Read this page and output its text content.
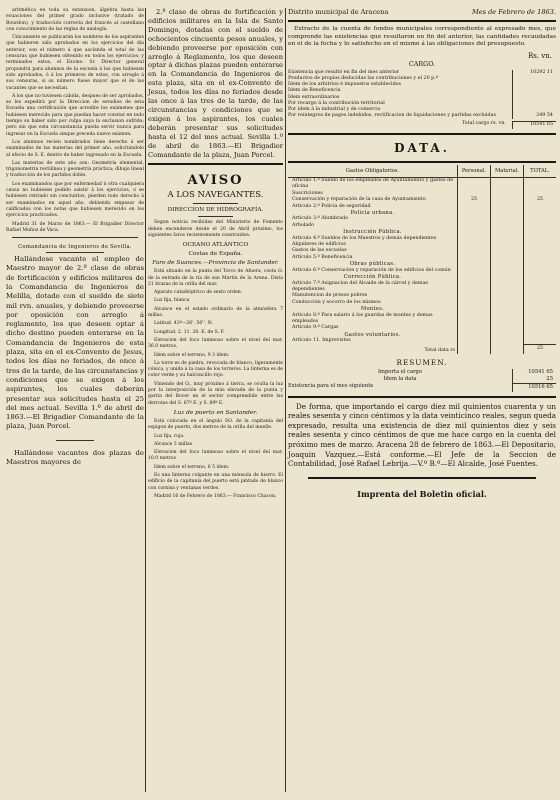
aritmética en toda su extension, álgebra hasta las ecuaciones del primer grado inclusive (tratado de Bourdon), y traducción correcta del francés al castellano con conocimiento de las reglas de analogía.

Únicamente se publicarán los nombres de los aspirantes que hubieren sido aprobados en los ejercicios del día anterior, con el número á que ascienda el total de las censuras que hubiesen obtenido en todos los ejercicios; y terminados estos, el Excmo. Sr. Director general propondrá para alumnos de la escuela á los que hubiesen sido aprobados, ó á los primeros de estos, con arreglo á sus censuras, si su número fuese mayor que el de las vacantes que se necesitan.

Á los que no tuviesen cabida, despues de ser aprobados, se les expedirá por la Direccion de estudios de esta Escuela una certificación que acredite los exámenes que hubiesen merecido para que puedan hacer constar en todo tiempo su haber sido por culpa suya la exclusion sufrida; pero sin que esta circunstancia pueda servir nunca para ingresar en la Escuela sinque preceda nuevo exámen.

Los alumnos recien nombrados tiene derecho á ser examinados de las materias del primer año, solicitándolo al efecto de S. E. dentro de haber ingresado en la Escuela.

Las materias de este año son: Geometría elemental, trigonometría rectilínea y geometría práctica; dibujo lineal y traducción de los partidos doble.

Los examinandos que por enfermedad ú otra cualquiera causa no hubiesen podido asistir á los ejercicios, ó se hubiesen retirado sin concluirlos, pierden todo derecho á ser examinados en aquel año, debiendo empezar de calificados con los notas que hubiesen merecido en los ejercicios practicados.

Madrid 31 de Marzo de 1863.— El Brigadier Director Rafael Muñoz de Vaca.

Comandancia de Ingenieros de Sevilla.

Hallándose vacante el empleo de Maestro mayor de 2.ª clase de obras de fortificación y edificios militares de la Comandancia de Ingenieros de Melilla, dotado con el sueldo de siete mil rvn. anuales, y debiendo proveerse por oposición con arreglo á reglamento, los que deseen optar á dicho destino pueden enterarse en la Comandancia de Ingenieros de esta plaza, sita en el ex-Convento de Jesus, todos los días no feriados, de once á tres de la tarde, de las circunstancias y condiciones que se exigen á los aspirantes, los cuales deberán presentar sus solicitudes hasta el 25 del mes actual. Sevilla 1.º de abril de 1863.—El Brigadier Comandante de la plaza, Juan Porcel.

Hallándose vacantes dos plazas de Maestros mayores de

2.ª clase de obras de fortificación y edificios militares en la Isla de Santo Domingo, dotadas con el sueldo de ochocientos cincuenta pesos anuales, y debiendo proveerse por oposición con arreglo á Reglamento, los que deseen optar á dichas plazas pueden enterarse en la Comandancia de Ingenieros de esta plaza, sita en el ex-Convento de Jesus, todos los días no feriados desde las once á las tres de la tarde, de las circunstancias y condiciones que se exigen á los aspirantes, los cuales deberán presentar sus solicitudes hasta el 12 del mes actual. Sevilla 1.º de abril de 1863.—El Brigadier Comandante de la plaza, Juan Porcel.

AVISO
A LOS NAVEGANTES.
DIRECCION DE HIDROGRAFÍA.

Segun noticia recibidas del Ministerio de Fomento deben encenderse desde el 20 de Abril próximo, los siguientes faros recientemente construidos.

OCEANO ATLÁNTICO
Costas de España.
Faro de Suances.—Provincia de Santander.

Está situado en la punta del Torco de Afuera, costa O. de la entrada de la ría de san Martin de la Arena. Dista 21 brazas de la orilla del mar.

Aparato catadióptrico de sexto orden.

Luz fija, blanca

Alcance en el estado ordinario de la atmósfera 7 millas.

Latitud. 43º—26'. 50''. N.

Longitud. 2. 11. 20. E. de S. F.

Elevacion del foco luminoso sobre el nivel del mar, 36.0 metros,

Ídem sobre el terreno, 9 3 ídem.

La torre es de piedra, revocada de blanco, ligeramente cónica, y unida á la casa de los torreros. La linterna es de color verde y su balconcillo rojo.

Viniendo del O., muy próximo á tierra, se oculta la luz por la interposición de la más elevada de la punta y garita del Bocer en el sector comprendido entre las derrotas del S. 67º E. y S. 89º E.

Luz de puerto en Santander.

Está colocada en el ángulo SO. de la capitanía del espigon de puerto, dos metros de la orilla del muelle.

Luz fija, roja.

Alcance 3 millas

Elevacion del foco luminoso sobre el nivel del mar, 10.0 metros

Ídem sobre el terreno, 6 5 ídem.

Es una linterna colgante en una ménsula de hierro. El edificio de la capitanía del puerto está pintado de blanco con cornisa y ventanas verdes.

Madrid 16 de Febrero de 1863.— Francisco Chacon.

Distrito municipal de Aracena	Mes de Febrero de 1863.

Extracto de la cuenta de fondos municipales correspondiente al expresado mes, que comprende las existencias que resultaron en fin del anterior, las cantidades recaudadas en el de la fecha y lo satisfecho en el mismo á las obligaciones del presupuesto.

Rs. vn.
CARGO.
Existencia que resultó en fin del mes anterior	10292 11
Productos de propios deducidas las contribuciones y el 20 p.º
Ídem de los arbitrios é impuestos establecidos
Ídem de Beneficencia
Ídem extraordinarios
Por recargo á la contribución territorial
Por ídem á la industrial y de comercio
Por reintegros de pagos indebidos, rectificacion de liquidaciones y partidas excluidas	249 54
Total cargo rs. vn.	10541 65
DATA.
Gastos Obligatorios.	Personal.	Material.	TOTAL.
Artículo 1.º Sueldo de los empleados de Ayuntamiento y gastos de oficina			
Suscriciones			
Conservación y reparación de la casa de Ayuntamiento	25		25
Artículo 2.º Policía de seguridad			
Policía urbana.			
Artículo 3.º Alumbrado			
Arbolado			
Instrucción Pública.			
Artículo 4.º Sueldos de los Maestros y demás dependientes			
Alquileres de edificios			
Gastos de las escuelas			
Artículo 5.º Beneficencia			
Obras públicas.			
Artículo 6.º Conservacion y reparación de los edificios del común			
Corrección Pública.			
Artículo 7.º Asignacion del Alcaide de la cárcel y demas dependientes			
Manutencion de presos pobres			
Conducción y socorro de los mismos			
Montes.			
Artículo 8.º Para salario á los guardas de montes y demas empleados			
Artículo 9.º Cargas			
Gastos voluntarios.			
Artículo 11. Imprevistos			
Total data rs			25
RESUMEN.
Importa el cargo	10541 65
Ídem la data	25
Existencia para el mes siguiente	10516 65

De forma, que importando el cargo diez mil quinientos cuarenta y un reales sesenta y cinco céntimos y la data veinticinco reales, segun queda expresado, resulta una existencia de diez mil quinientos diez y seis reales sesenta y cinco céntimos de que me hace cargo en la cuenta del próximo mes de marzo. Aracena 28 de febrero de 1863.—El Depositario, Joaquin Vazquez.—Está conforme.—El Jefe de la Seccion de Contabilidad, José Rafael Lebrija.—V.º B.º—El Alcalde, José Fuentes.

Imprenta del Boletin oficial.
